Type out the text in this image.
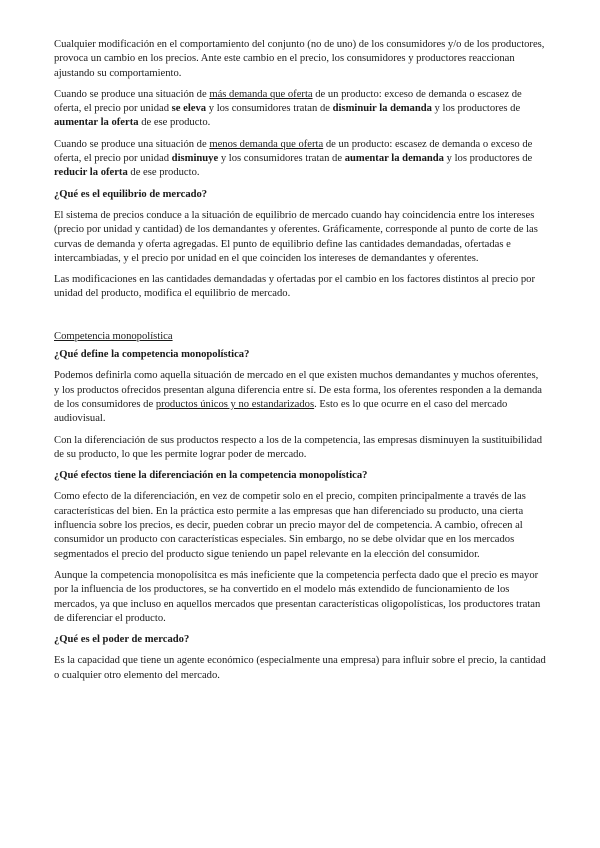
Cualquier modificación en el comportamiento del conjunto (no de uno) de los consumidores y/o de los productores, provoca un cambio en los precios. Ante este cambio en el precio, los consumidores y productores reaccionan ajustando su comportamiento.

Cuando se produce una situación de más demanda que oferta de un producto: exceso de demanda o escasez de oferta, el precio por unidad se eleva y los consumidores tratan de disminuir la demanda y los productores de aumentar la oferta de ese producto.

Cuando se produce una situación de menos demanda que oferta de un producto: escasez de demanda o exceso de oferta, el precio por unidad disminuye y los consumidores tratan de aumentar la demanda y los productores de reducir la oferta de ese producto.

¿Qué es el equilibrio de mercado?

El sistema de precios conduce a la situación de equilibrio de mercado cuando hay coincidencia entre los intereses (precio por unidad y cantidad) de los demandantes y oferentes. Gráficamente, corresponde al punto de corte de las curvas de demanda y oferta agregadas. El punto de equilibrio define las cantidades demandadas, ofertadas e intercambiadas, y el precio por unidad en el que coinciden los intereses de demandantes y oferentes.

Las modificaciones en las cantidades demandadas y ofertadas por el cambio en los factores distintos al precio por unidad del producto, modifica el equilibrio de mercado.

Competencia monopolística
¿Qué define la competencia monopolística?

Podemos definirla como aquella situación de mercado en el que existen muchos demandantes y muchos oferentes, y los productos ofrecidos presentan alguna diferencia entre sí. De esta forma, los oferentes responden a la demanda de los consumidores de productos únicos y no estandarizados. Esto es lo que ocurre en el caso del mercado audiovisual.

Con la diferenciación de sus productos respecto a los de la competencia, las empresas disminuyen la sustituibilidad de su producto, lo que les permite lograr poder de mercado.

¿Qué efectos tiene la diferenciación en la competencia monopolística?

Como efecto de la diferenciación, en vez de competir solo en el precio, compiten principalmente a través de las características del bien. En la práctica esto permite a las empresas que han diferenciado su producto, una cierta influencia sobre los precios, es decir, pueden cobrar un precio mayor del de competencia. A cambio, ofrecen al consumidor un producto con características especiales. Sin embargo, no se debe olvidar que en los mercados segmentados el precio del producto sigue teniendo un papel relevante en la elección del consumidor.

Aunque la competencia monopolísitca es más ineficiente que la competencia perfecta dado que el precio es mayor por la influencia de los productores, se ha convertido en el modelo más extendido de funcionamiento de los mercados, ya que incluso en aquellos mercados que presentan características oligopolísticas, los productores tratan de diferenciar el producto.

¿Qué es el poder de mercado?

Es la capacidad que tiene un agente económico (especialmente una empresa) para influir sobre el precio, la cantidad o cualquier otro elemento del mercado.
